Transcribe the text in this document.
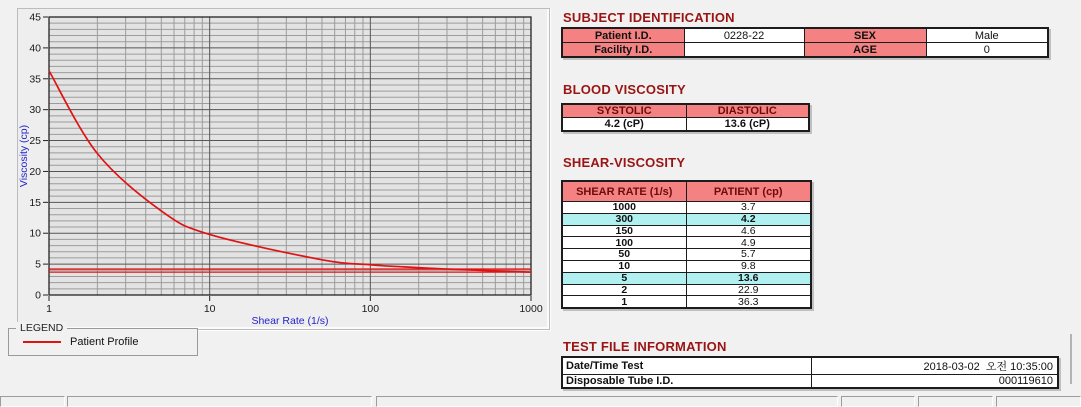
0
5
10
15
20
25
30
35
40
45
1	10	100	1000
Viscosity (cp)
Shear Rate (1/s)
LEGEND
Patient Profile
SUBJECT IDENTIFICATION
Patient I.D.	0228-22	SEX	Male
Facility I.D.		AGE	0
BLOOD VISCOSITY
SYSTOLIC	DIASTOLIC
4.2 (cP)	13.6 (cP)
SHEAR-VISCOSITY
SHEAR RATE (1/s)	PATIENT (cp)
1000	3.7
300	4.2
150	4.6
100	4.9
50	5.7
10	9.8
5	13.6
2	22.9
1	36.3
TEST FILE INFORMATION
Date/Time Test	2018-03-02  오전 10:35:00
Disposable Tube I.D.	000119610
